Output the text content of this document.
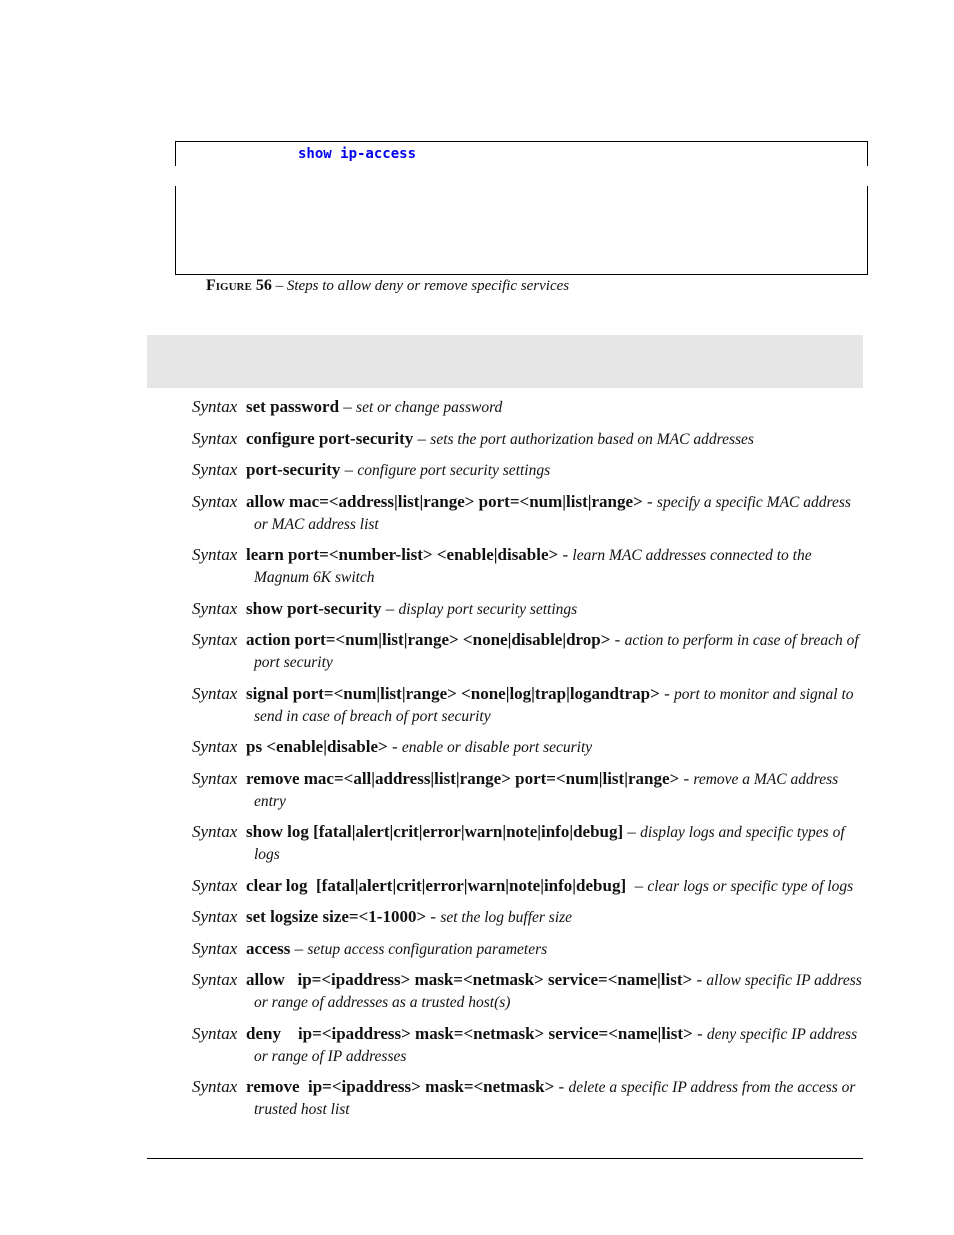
show ip-access
Figure 56 – Steps to allow deny or remove specific services
Syntax set password – set or change password
Syntax configure port-security – sets the port authorization based on MAC addresses
Syntax port-security – configure port security settings
Syntax allow mac=<address|list|range> port=<num|list|range> - specify a specific MAC address or MAC address list
Syntax learn port=<number-list> <enable|disable> - learn MAC addresses connected to the Magnum 6K switch
Syntax show port-security – display port security settings
Syntax action port=<num|list|range> <none|disable|drop> - action to perform in case of breach of port security
Syntax signal port=<num|list|range> <none|log|trap|logandtrap> - port to monitor and signal to send in case of breach of port security
Syntax ps <enable|disable> - enable or disable port security
Syntax remove mac=<all|address|list|range> port=<num|list|range> - remove a MAC address entry
Syntax show log [fatal|alert|crit|error|warn|note|info|debug] – display logs and specific types of logs
Syntax clear log  [fatal|alert|crit|error|warn|note|info|debug]  – clear logs or specific type of logs
Syntax set logsize size=<1-1000> - set the log buffer size
Syntax access – setup access configuration parameters
Syntax allow   ip=<ipaddress> mask=<netmask> service=<name|list> - allow specific IP address or range of addresses as a trusted host(s)
Syntax deny    ip=<ipaddress> mask=<netmask> service=<name|list> - deny specific IP address or range of IP addresses
Syntax remove  ip=<ipaddress> mask=<netmask> - delete a specific IP address from the access or trusted host list
